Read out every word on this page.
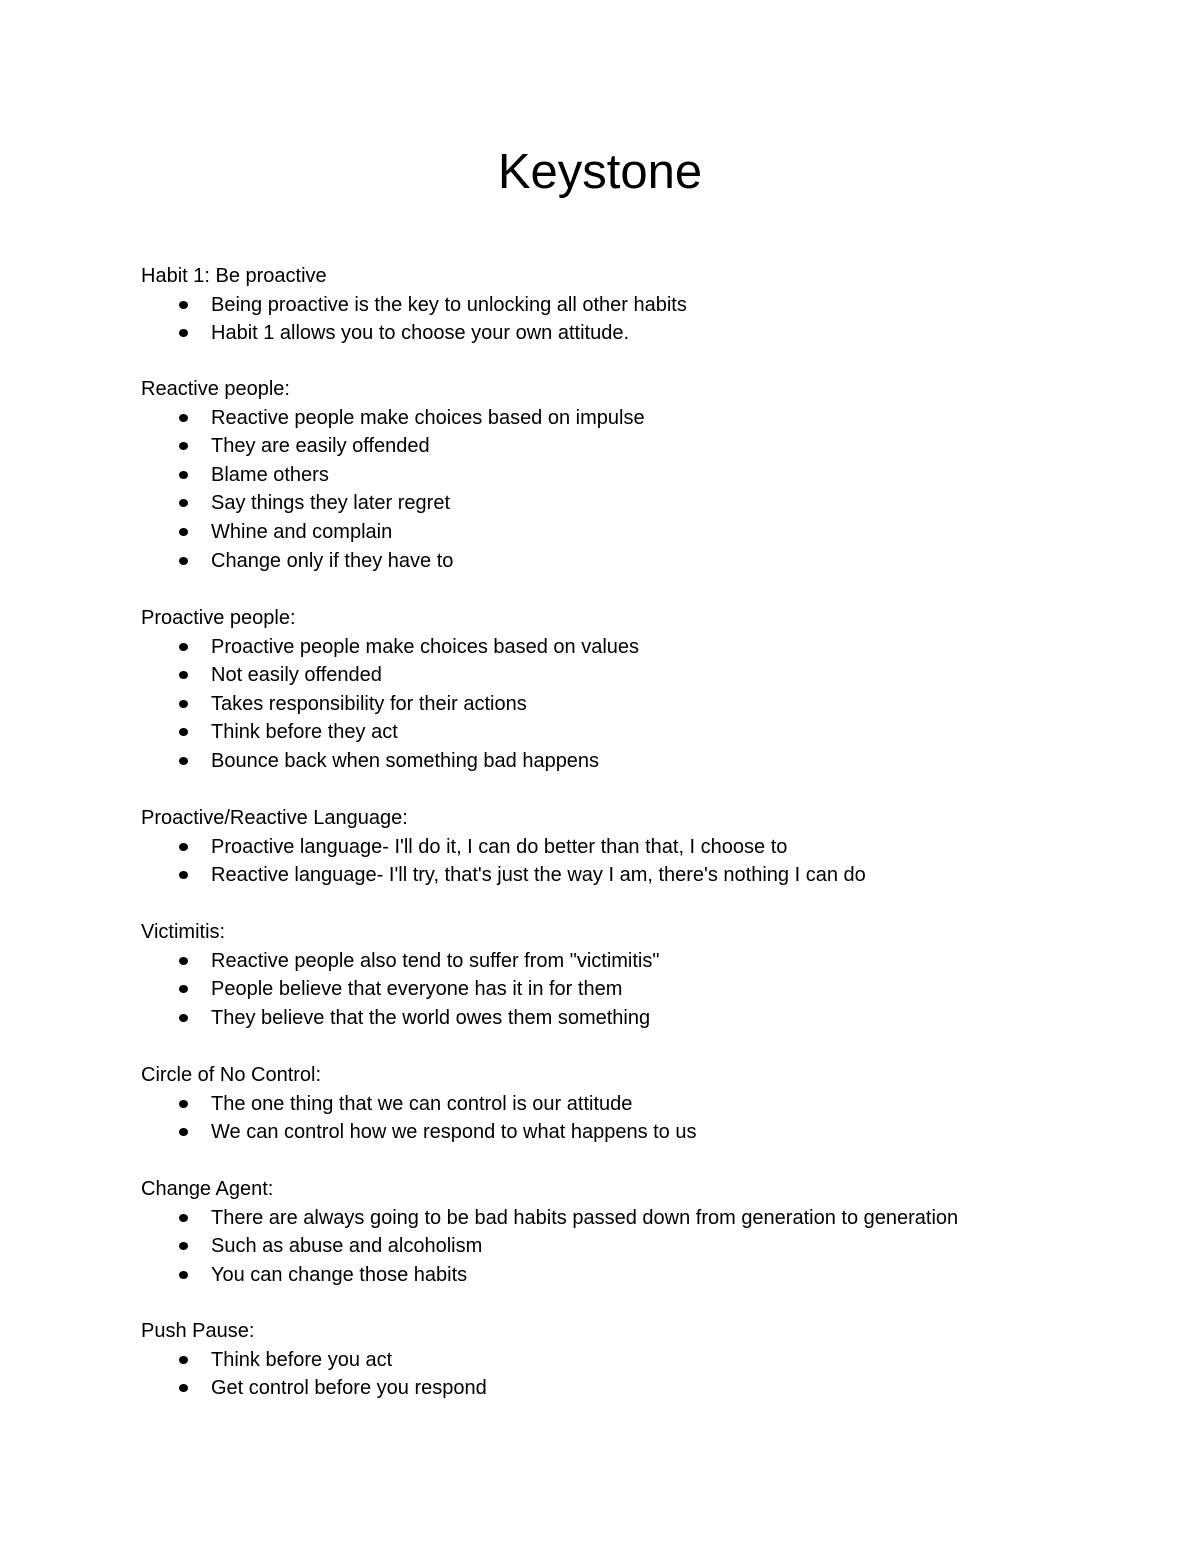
Keystone
Habit 1: Be proactive
Being proactive is the key to unlocking all other habits
Habit 1 allows you to choose your own attitude.
Reactive people:
Reactive people make choices based on impulse
They are easily offended
Blame others
Say things they later regret
Whine and complain
Change only if they have to
Proactive people:
Proactive people make choices based on values
Not easily offended
Takes responsibility for their actions
Think before they act
Bounce back when something bad happens
Proactive/Reactive Language:
Proactive language- I'll do it, I can do better than that, I choose to
Reactive language- I'll try, that's just the way I am, there's nothing I can do
Victimitis:
Reactive people also tend to suffer from "victimitis"
People believe that everyone has it in for them
They believe that the world owes them something
Circle of No Control:
The one thing that we can control is our attitude
We can control how we respond to what happens to us
Change Agent:
There are always going to be bad habits passed down from generation to generation
Such as abuse and alcoholism
You can change those habits
Push Pause:
Think before you act
Get control before you respond
